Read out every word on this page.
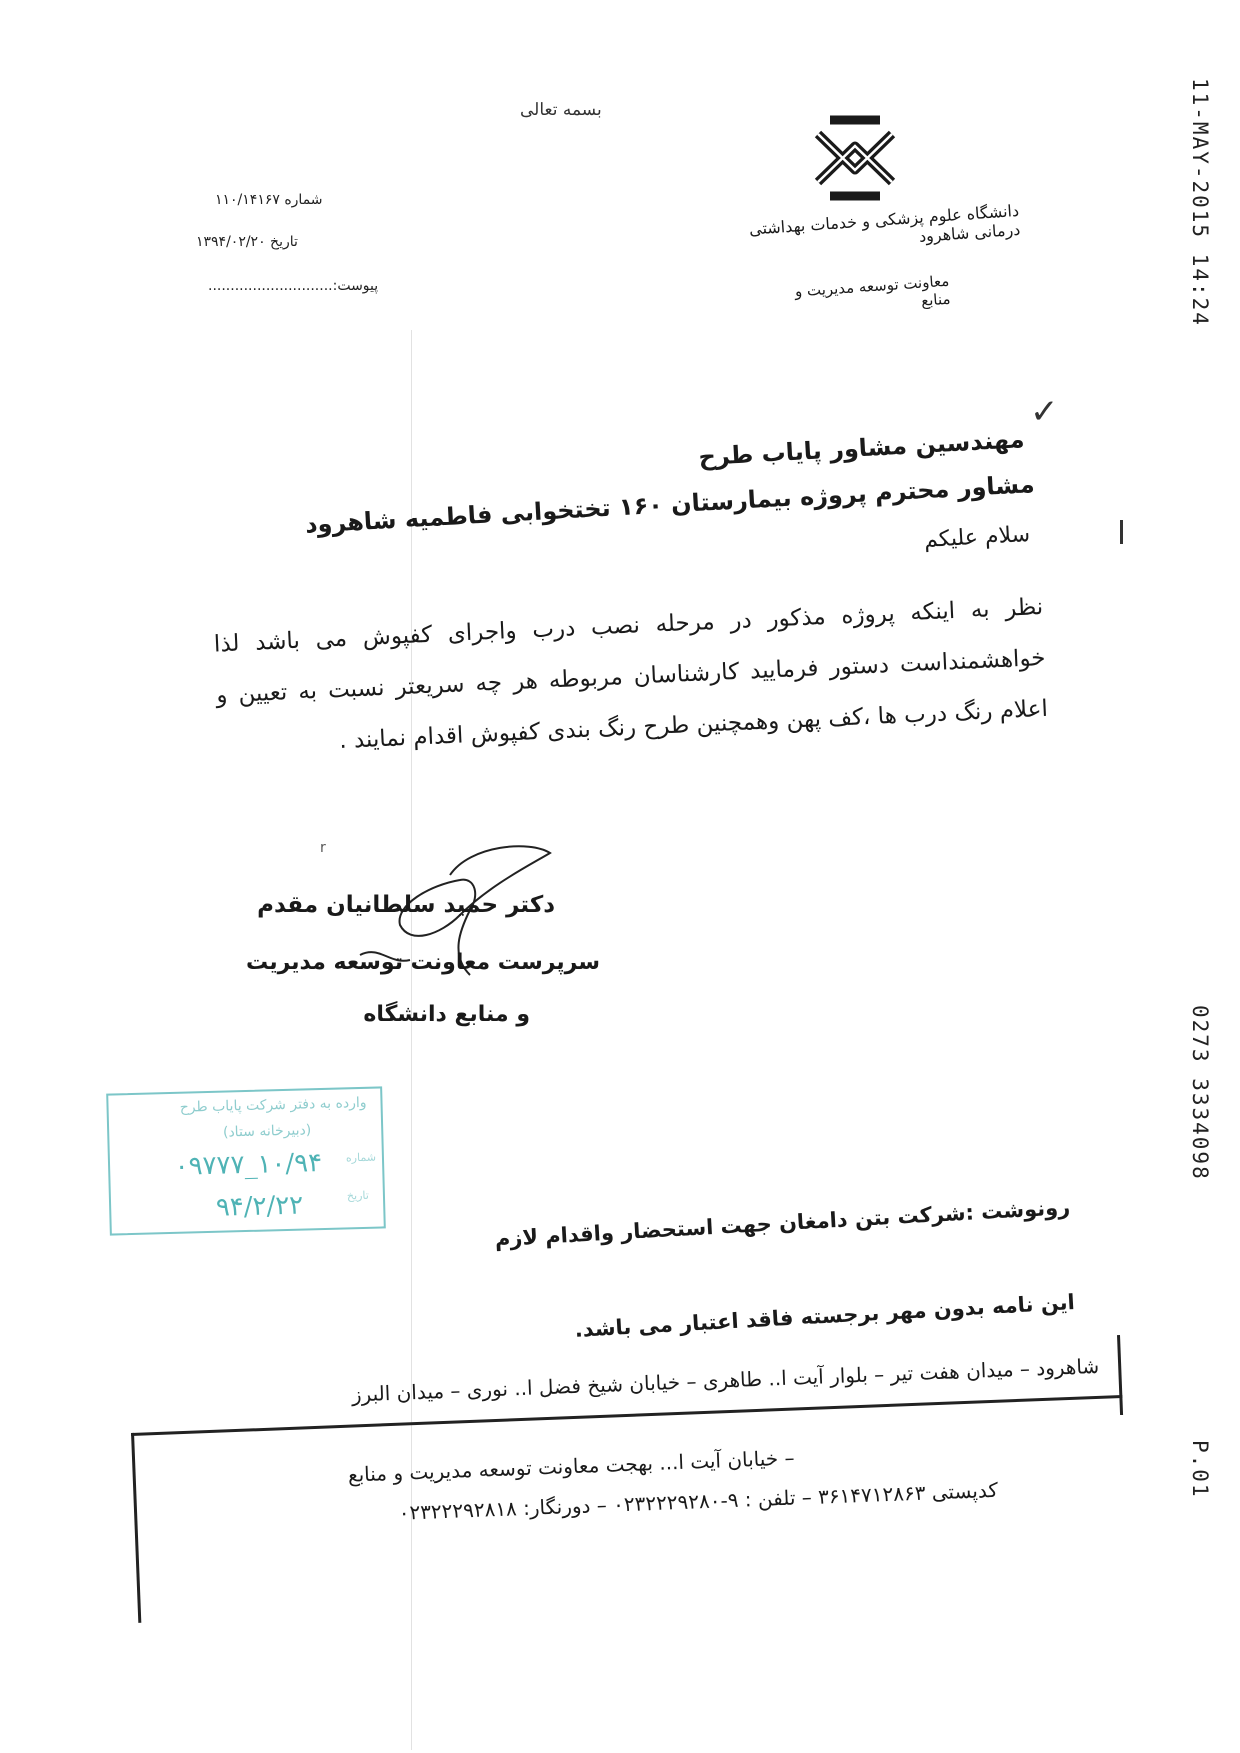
11-MAY-2015 14:24
0273 3334098
P.01
بسمه تعالی
دانشگاه علوم پزشکی و خدمات بهداشتی درمانی شاهرود
معاونت توسعه مدیریت و منابع
شماره ۱۱۰/۱۴۱۶۷
تاریخ ۱۳۹۴/۰۲/۲۰
پیوست:............................
✓
مهندسین مشاور پایاب طرح
مشاور محترم پروژه بیمارستان ۱۶۰ تختخوابی فاطمیه شاهرود
سلام علیکم
نظر به اینکه پروژه مذکور در مرحله نصب درب واجرای کفپوش می باشد لذا خواهشمنداست دستور فرمایید کارشناسان مربوطه هر چه سریعتر نسبت به تعیین و اعلام رنگ درب ها ،کف پهن وهمچنین طرح رنگ بندی کفپوش اقدام نمایند .
r
دکتر حمید سلطانیان مقدم
سرپرست معاونت توسعه مدیریت
و منابع دانشگاه
وارده به دفتر شرکت پایاب طرح
(دبیرخانه ستاد)
۱۰/۹۴_۰۹۷۷۷
۹۴/۲/۲۲
شماره
تاریخ	رونوشت :شرکت بتن دامغان جهت استحضار واقدام لازم
این نامه بدون مهر برجسته فاقد اعتبار می باشد.
شاهرود – میدان هفت تیر – بلوار آیت ا.. طاهری – خیابان شیخ فضل ا.. نوری – میدان البرز
– خیابان آیت ا... بهجت معاونت توسعه مدیریت و منابع
کدپستی ۳۶۱۴۷۱۲۸۶۳ – تلفن : ۹-۰۲۳۲۲۲۹۲۸۰ – دورنگار: ۰۲۳۲۲۲۹۲۸۱۸
